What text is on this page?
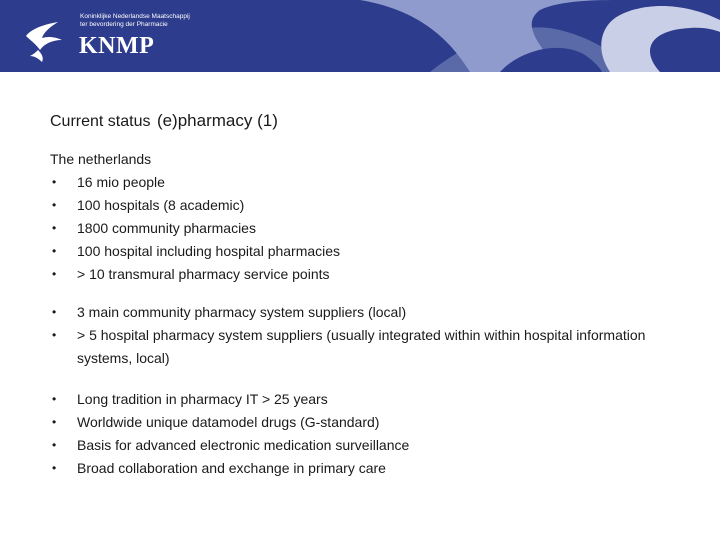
Koninklijke Nederlandse Maatschappij
ter bevordering der Pharmacie
KNMP
Current status (e)pharmacy (1)
The netherlands
• 16 mio people
• 100 hospitals (8 academic)
• 1800 community pharmacies
• 100 hospital including hospital pharmacies
• > 10 transmural pharmacy service points
• 3 main community pharmacy system suppliers (local)
• > 5 hospital pharmacy system suppliers (usually integrated within within hospital information systems, local)
• Long tradition in pharmacy IT > 25 years
• Worldwide unique datamodel drugs (G-standard)
• Basis for advanced electronic medication surveillance
• Broad collaboration and exchange in primary care
